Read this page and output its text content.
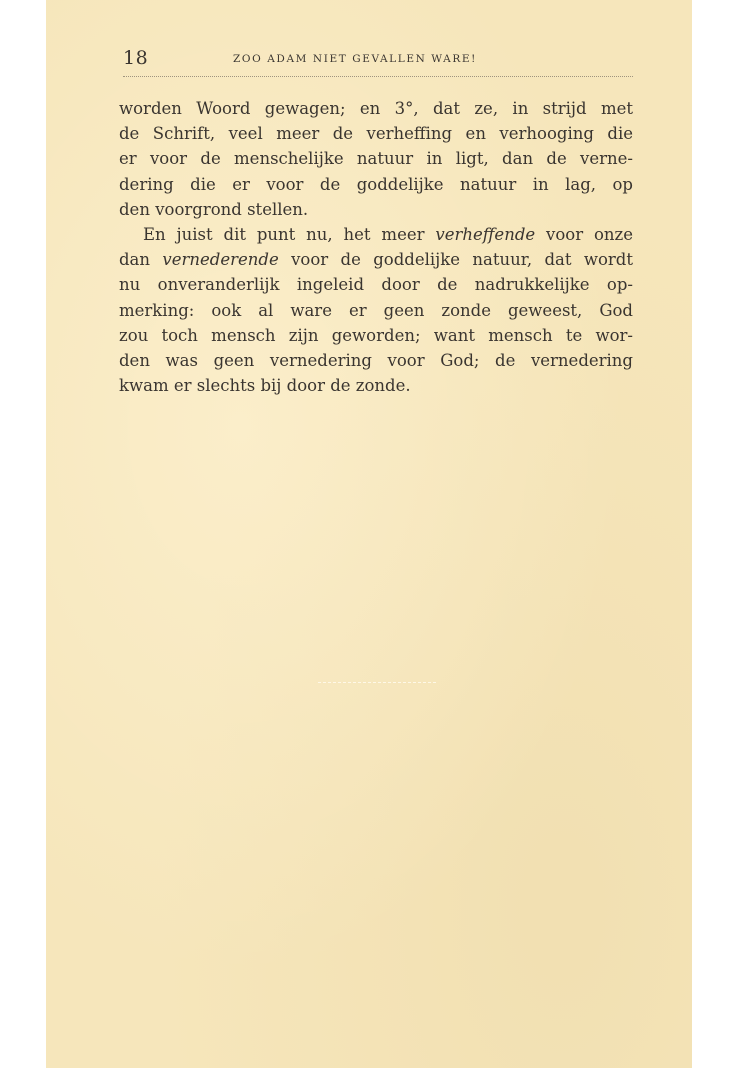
18	ZOO ADAM NIET GEVALLEN WARE!
worden Woord gewagen; en 3°, dat ze, in strijd met
de Schrift, veel meer de verheffing en verhooging die
er voor de menschelijke natuur in ligt, dan de verne-
dering die er voor de goddelijke natuur in lag, op
den voorgrond stellen.
En juist dit punt nu, het meer verheffende voor onze
dan vernederende voor de goddelijke natuur, dat wordt
nu onveranderlijk ingeleid door de nadrukkelijke op-
merking: ook al ware er geen zonde geweest, God
zou toch mensch zijn geworden; want mensch te wor-
den was geen vernedering voor God; de vernedering
kwam er slechts bij door de zonde.
